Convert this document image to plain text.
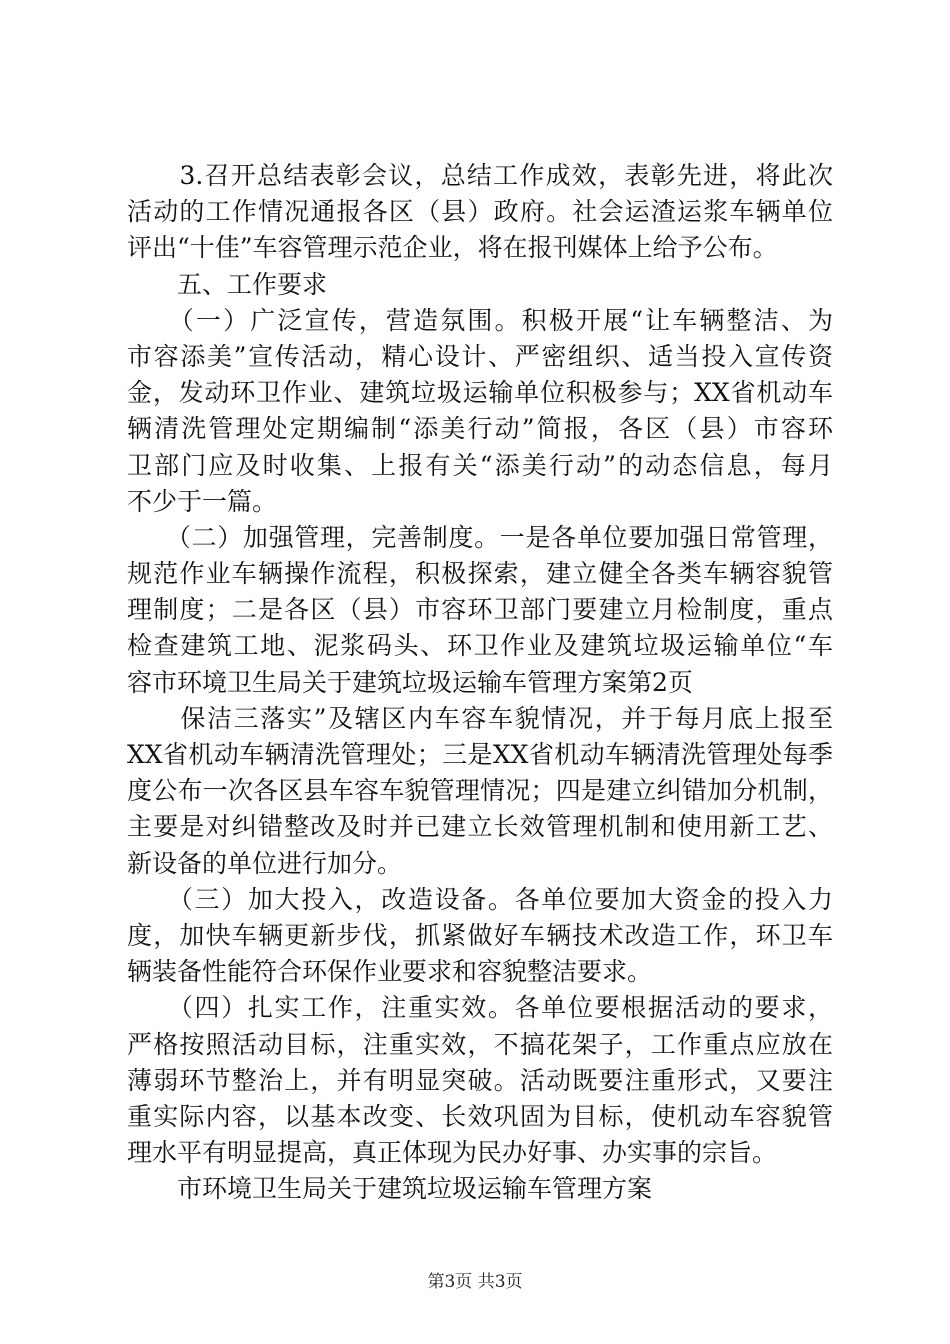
　　3.召开总结表彰会议，总结工作成效，表彰先进，将此次
活动的工作情况通报各区（县）政府。社会运渣运浆车辆单位
评出“十佳”车容管理示范企业，将在报刊媒体上给予公布。
　　五、工作要求
　　（一）广泛宣传，营造氛围。积极开展“让车辆整洁、为
市容添美”宣传活动，精心设计、严密组织、适当投入宣传资
金，发动环卫作业、建筑垃圾运输单位积极参与；XX省机动车
辆清洗管理处定期编制“添美行动”简报，各区（县）市容环
卫部门应及时收集、上报有关“添美行动”的动态信息，每月
不少于一篇。
　　（二）加强管理，完善制度。一是各单位要加强日常管理，
规范作业车辆操作流程，积极探索，建立健全各类车辆容貌管
理制度；二是各区（县）市容环卫部门要建立月检制度，重点
检查建筑工地、泥浆码头、环卫作业及建筑垃圾运输单位“车
容市环境卫生局关于建筑垃圾运输车管理方案第2页
　　保洁三落实”及辖区内车容车貌情况，并于每月底上报至
XX省机动车辆清洗管理处；三是XX省机动车辆清洗管理处每季
度公布一次各区县车容车貌管理情况；四是建立纠错加分机制，
主要是对纠错整改及时并已建立长效管理机制和使用新工艺、
新设备的单位进行加分。
　　（三）加大投入，改造设备。各单位要加大资金的投入力
度，加快车辆更新步伐，抓紧做好车辆技术改造工作，环卫车
辆装备性能符合环保作业要求和容貌整洁要求。
　　（四）扎实工作，注重实效。各单位要根据活动的要求，
严格按照活动目标，注重实效，不搞花架子，工作重点应放在
薄弱环节整治上，并有明显突破。活动既要注重形式，又要注
重实际内容，以基本改变、长效巩固为目标，使机动车容貌管
理水平有明显提高，真正体现为民办好事、办实事的宗旨。
　　市环境卫生局关于建筑垃圾运输车管理方案
第3页 共3页
